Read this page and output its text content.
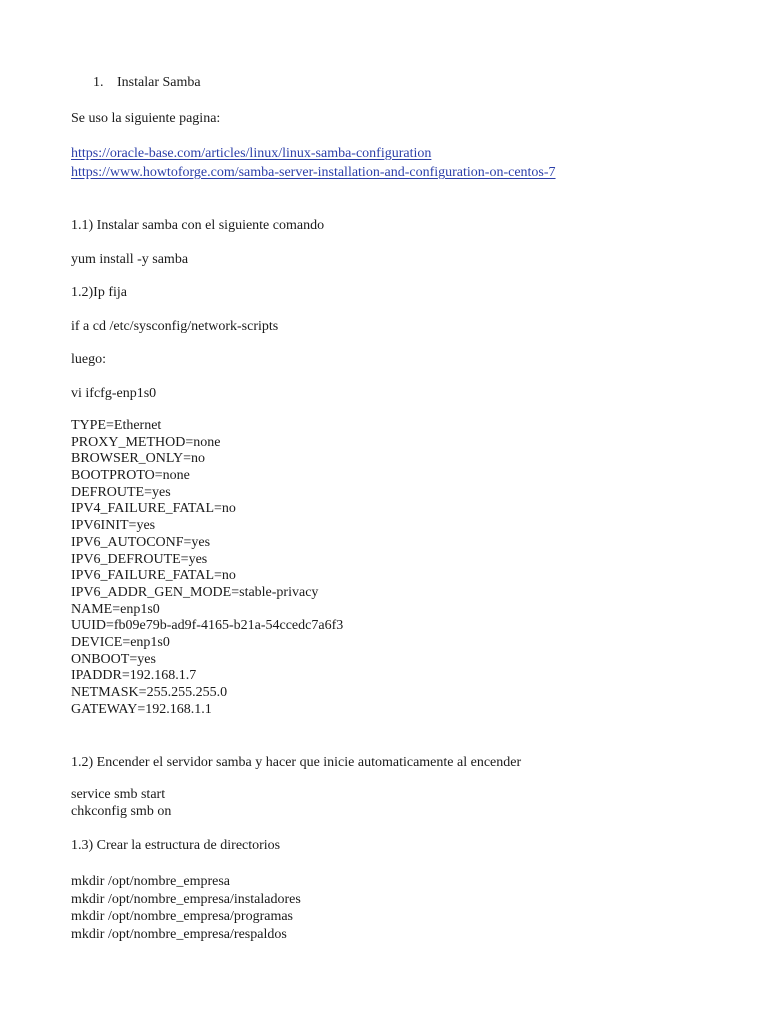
1. Instalar Samba
Se uso la siguiente pagina:
https://oracle-base.com/articles/linux/linux-samba-configuration
https://www.howtoforge.com/samba-server-installation-and-configuration-on-centos-7
1.1) Instalar samba con el siguiente comando
yum install -y samba
1.2)Ip fija
if a cd /etc/sysconfig/network-scripts
luego:
vi ifcfg-enp1s0
TYPE=Ethernet
PROXY_METHOD=none
BROWSER_ONLY=no
BOOTPROTO=none
DEFROUTE=yes
IPV4_FAILURE_FATAL=no
IPV6INIT=yes
IPV6_AUTOCONF=yes
IPV6_DEFROUTE=yes
IPV6_FAILURE_FATAL=no
IPV6_ADDR_GEN_MODE=stable-privacy
NAME=enp1s0
UUID=fb09e79b-ad9f-4165-b21a-54ccedc7a6f3
DEVICE=enp1s0
ONBOOT=yes
IPADDR=192.168.1.7
NETMASK=255.255.255.0
GATEWAY=192.168.1.1
1.2) Encender el servidor samba y hacer que inicie automaticamente al encender
service smb start
chkconfig smb on
1.3) Crear la estructura de directorios
mkdir /opt/nombre_empresa
mkdir /opt/nombre_empresa/instaladores
mkdir /opt/nombre_empresa/programas
mkdir /opt/nombre_empresa/respaldos
